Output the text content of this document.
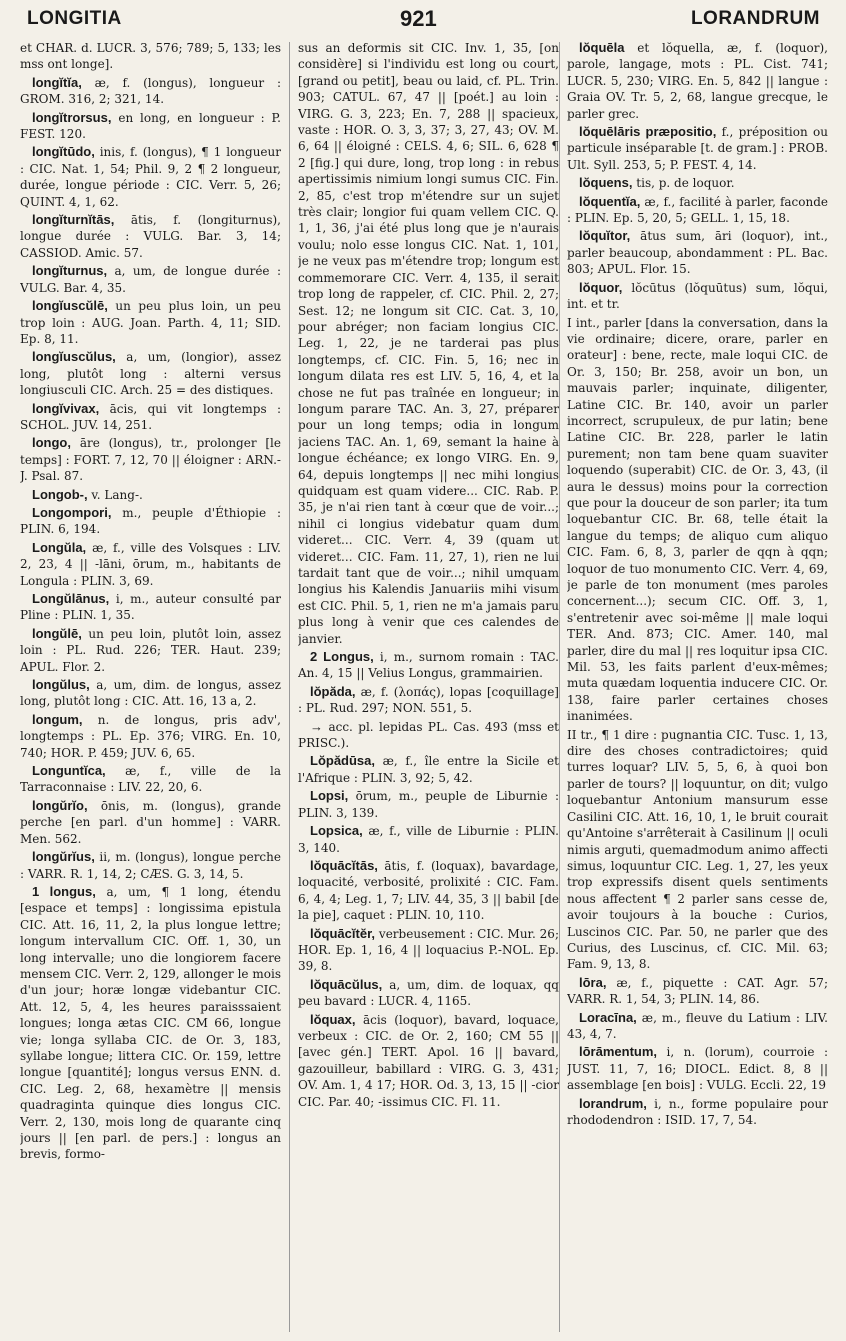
LONGITIA	921	LORANDRUM

et CHAR. d. LUCR. 3, 576; 789; 5, 133; les mss ont longe].

longĭtĭa, æ, f. (longus), longueur : GROM. 316, 2; 321, 14.

longĭtrorsus, en long, en longueur : P. FEST. 120.

longĭtūdo, inis, f. (longus), ¶ 1 longueur : CIC. Nat. 1, 54; Phil. 9, 2 ¶ 2 longueur, durée, longue période : CIC. Verr. 5, 26; QUINT. 4, 1, 62.

longĭturnĭtās, ātis, f. (longiturnus), longue durée : VULG. Bar. 3, 14; CASSIOD. Amic. 57.

longĭturnus, a, um, de longue durée : VULG. Bar. 4, 35.

longĭuscŭlē, un peu plus loin, un peu trop loin : AUG. Joan. Parth. 4, 11; SID. Ep. 8, 11.

longĭuscŭlus, a, um, (longior), assez long, plutôt long : alterni versus longiusculi CIC. Arch. 25 = des distiques.

longĭvivax, ācis, qui vit longtemps : SCHOL. JUV. 14, 251.

longo, āre (longus), tr., prolonger [le temps] : FORT. 7, 12, 70 || éloigner : ARN.-J. Psal. 87.

Longob-, v. Lang-.

Longompori, m., peuple d'Éthiopie : PLIN. 6, 194.

Longŭla, æ, f., ville des Volsques : LIV. 2, 23, 4 || -lāni, ōrum, m., habitants de Longula : PLIN. 3, 69.

Longŭlānus, i, m., auteur consulté par Pline : PLIN. 1, 35.

longŭlē, un peu loin, plutôt loin, assez loin : PL. Rud. 226; TER. Haut. 239; APUL. Flor. 2.

longŭlus, a, um, dim. de longus, assez long, plutôt long : CIC. Att. 16, 13 a, 2.

longum, n. de longus, pris adv', longtemps : PL. Ep. 376; VIRG. En. 10, 740; HOR. P. 459; JUV. 6, 65.

Longuntĭca, æ, f., ville de la Tarraconnaise : LIV. 22, 20, 6.

longŭrĭo, ōnis, m. (longus), grande perche [en parl. d'un homme] : VARR. Men. 562.

longŭrĭus, ii, m. (longus), longue perche : VARR. R. 1, 14, 2; CÆS. G. 3, 14, 5.

1 longus, a, um, ¶ 1 long, étendu [espace et temps] : longissima epistula CIC. Att. 16, 11, 2, la plus longue lettre; longum intervallum CIC. Off. 1, 30, un long intervalle; uno die longiorem facere mensem CIC. Verr. 2, 129, allonger le mois d'un jour; horæ longæ videbantur CIC. Att. 12, 5, 4, les heures paraisssaient longues; longa ætas CIC. CM 66, longue vie; longa syllaba CIC. de Or. 3, 183, syllabe longue; littera CIC. Or. 159, lettre longue [quantité]; longus versus ENN. d. CIC. Leg. 2, 68, hexamètre || mensis quadraginta quinque dies longus CIC. Verr. 2, 130, mois long de quarante cinq jours || [en parl. de pers.] : longus an brevis, formo-

sus an deformis sit CIC. Inv. 1, 35, [on considère] si l'individu est long ou court, [grand ou petit], beau ou laid, cf. PL. Trin. 903; CATUL. 67, 47 || [poét.] au loin : VIRG. G. 3, 223; En. 7, 288 || spacieux, vaste : HOR. O. 3, 3, 37; 3, 27, 43; OV. M. 6, 64 || éloigné : CELS. 4, 6; SIL. 6, 628 ¶ 2 [fig.] qui dure, long, trop long : in rebus apertissimis nimium longi sumus CIC. Fin. 2, 85, c'est trop m'étendre sur un sujet très clair; longior fui quam vellem CIC. Q. 1, 1, 36, j'ai été plus long que je n'aurais voulu; nolo esse longus CIC. Nat. 1, 101, je ne veux pas m'étendre trop; longum est commemorare CIC. Verr. 4, 135, il serait trop long de rappeler, cf. CIC. Phil. 2, 27; Sest. 12; ne longum sit CIC. Cat. 3, 10, pour abréger; non faciam longius CIC. Leg. 1, 22, je ne tarderai pas plus longtemps, cf. CIC. Fin. 5, 16; nec in longum dilata res est LIV. 5, 16, 4, et la chose ne fut pas traînée en longueur; in longum parare TAC. An. 3, 27, préparer pour un long temps; odia in longum jaciens TAC. An. 1, 69, semant la haine à longue échéance; ex longo VIRG. En. 9, 64, depuis longtemps || nec mihi longius quidquam est quam videre... CIC. Rab. P. 35, je n'ai rien tant à cœur que de voir...; nihil ci longius videbatur quam dum videret... CIC. Verr. 4, 39 (quam ut videret... CIC. Fam. 11, 27, 1), rien ne lui tardait tant que de voir...; nihil umquam longius his Kalendis Januariis mihi visum est CIC. Phil. 5, 1, rien ne m'a jamais paru plus long à venir que ces calendes de janvier.

2 Longus, i, m., surnom romain : TAC. An. 4, 15 || Velius Longus, grammairien.

lŏpăda, æ, f. (λοπάς), lopas [coquillage] : PL. Rud. 297; NON. 551, 5.

→ acc. pl. lepidas PL. Cas. 493 (mss et PRISC.).

Lŏpădūsa, æ, f., île entre la Sicile et l'Afrique : PLIN. 3, 92; 5, 42.

Lopsi, ōrum, m., peuple de Liburnie : PLIN. 3, 139.

Lopsica, æ, f., ville de Liburnie : PLIN. 3, 140.

lŏquācĭtās, ātis, f. (loquax), bavardage, loquacité, verbosité, prolixité : CIC. Fam. 6, 4, 4; Leg. 1, 7; LIV. 44, 35, 3 || babil [de la pie], caquet : PLIN. 10, 110.

lŏquācĭtĕr, verbeusement : CIC. Mur. 26; HOR. Ep. 1, 16, 4 || loquacius P.-NOL. Ep. 39, 8.

lŏquācŭlus, a, um, dim. de loquax, qq peu bavard : LUCR. 4, 1165.

lŏquax, ācis (loquor), bavard, loquace, verbeux : CIC. de Or. 2, 160; CM 55 || [avec gén.] TERT. Apol. 16 || bavard, gazouilleur, babillard : VIRG. G. 3, 431; OV. Am. 1, 4 17; HOR. Od. 3, 13, 15 || -cior CIC. Par. 40; -issimus CIC. Fl. 11.

lŏquēla et lŏquella, æ, f. (loquor), parole, langage, mots : PL. Cist. 741; LUCR. 5, 230; VIRG. En. 5, 842 || langue : Graia OV. Tr. 5, 2, 68, langue grecque, le parler grec.

lŏquēlāris præpositio, f., préposition ou particule inséparable [t. de gram.] : PROB. Ult. Syll. 253, 5; P. FEST. 4, 14.

lŏquens, tis, p. de loquor.

lŏquentĭa, æ, f., facilité à parler, faconde : PLIN. Ep. 5, 20, 5; GELL. 1, 15, 18.

lŏquĭtor, ātus sum, āri (loquor), int., parler beaucoup, abondamment : PL. Bac. 803; APUL. Flor. 15.

lŏquor, lŏcūtus (lŏquūtus) sum, lŏqui, int. et tr.

I int., parler [dans la conversation, dans la vie ordinaire; dicere, orare, parler en orateur] : bene, recte, male loqui CIC. de Or. 3, 150; Br. 258, avoir un bon, un mauvais parler; inquinate, diligenter, Latine CIC. Br. 140, avoir un parler incorrect, scrupuleux, de pur latin; bene Latine CIC. Br. 228, parler le latin purement; non tam bene quam suaviter loquendo (superabit) CIC. de Or. 3, 43, (il aura le dessus) moins pour la correction que pour la douceur de son parler; ita tum loquebantur CIC. Br. 68, telle était la langue du temps; de aliquo cum aliquo CIC. Fam. 6, 8, 3, parler de qqn à qqn; loquor de tuo monumento CIC. Verr. 4, 69, je parle de ton monument (mes paroles concernent...); secum CIC. Off. 3, 1, s'entretenir avec soi-même || male loqui TER. And. 873; CIC. Amer. 140, mal parler, dire du mal || res loquitur ipsa CIC. Mil. 53, les faits parlent d'eux-mêmes; muta quædam loquentia inducere CIC. Or. 138, faire parler certaines choses inanimées.

II tr., ¶ 1 dire : pugnantia CIC. Tusc. 1, 13, dire des choses contradictoires; quid turres loquar? LIV. 5, 5, 6, à quoi bon parler de tours? || loquuntur, on dit; vulgo loquebantur Antonium mansurum esse Casilini CIC. Att. 16, 10, 1, le bruit courait qu'Antoine s'arrêterait à Casilinum || oculi nimis arguti, quemadmodum animo affecti simus, loquuntur CIC. Leg. 1, 27, les yeux trop expressifs disent quels sentiments nous affectent ¶ 2 parler sans cesse de, avoir toujours à la bouche : Curios, Luscinos CIC. Par. 50, ne parler que des Curius, des Luscinus, cf. CIC. Mil. 63; Fam. 9, 13, 8.

lōra, æ, f., piquette : CAT. Agr. 57; VARR. R. 1, 54, 3; PLIN. 14, 86.

Loracīna, æ, m., fleuve du Latium : LIV. 43, 4, 7.

lōrāmentum, i, n. (lorum), courroie : JUST. 11, 7, 16; DIOCL. Edict. 8, 8 || assemblage [en bois] : VULG. Eccli. 22, 19

lorandrum, i, n., forme populaire pour rhododendron : ISID. 17, 7, 54.
